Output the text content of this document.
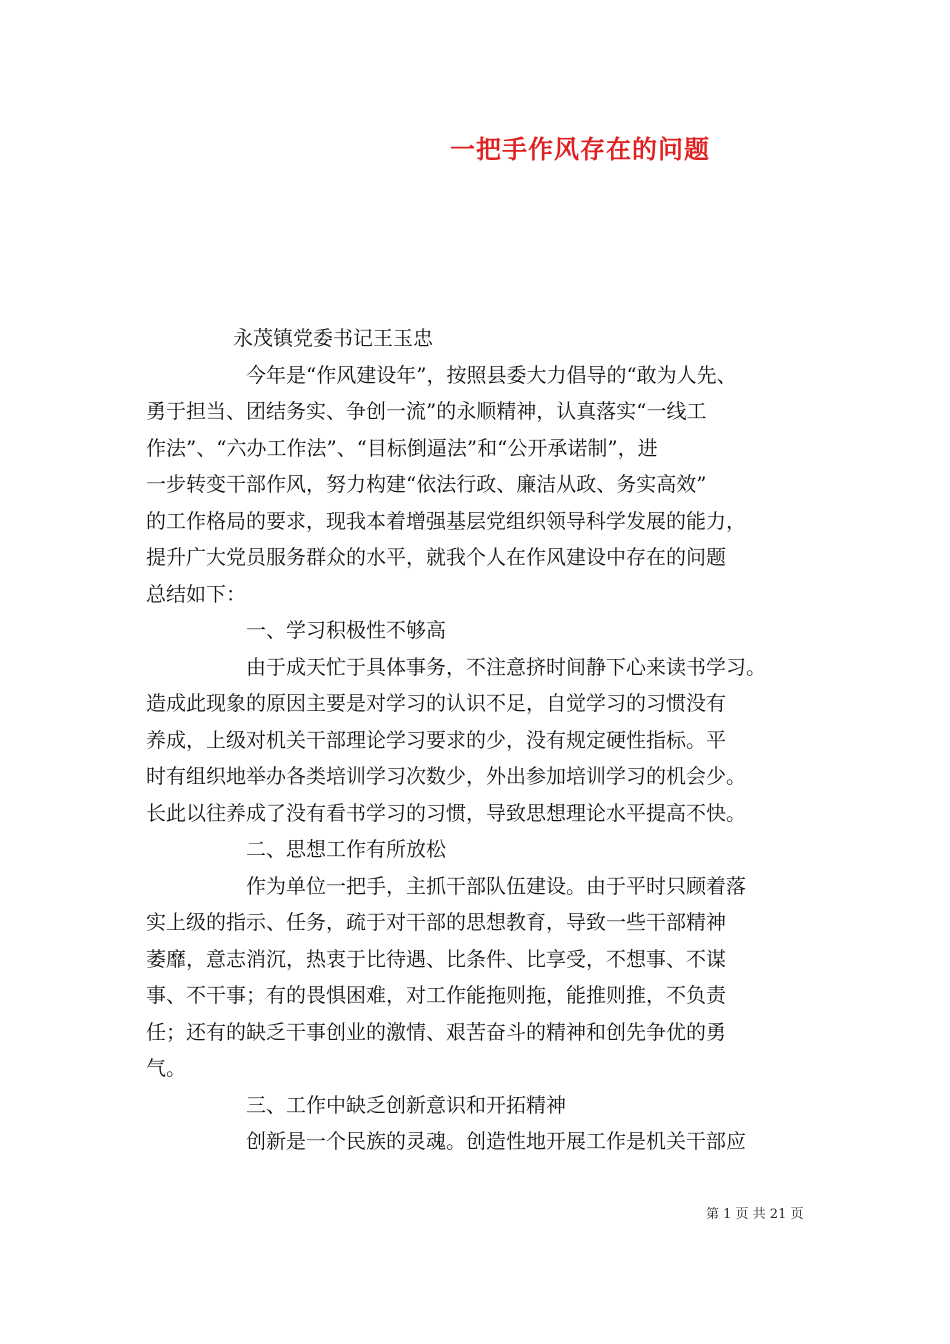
一把手作风存在的问题
永茂镇党委书记王玉忠
今年是“作风建设年”，按照县委大力倡导的“敢为人先、
勇于担当、团结务实、争创一流”的永顺精神，认真落实“一线工
作法”、“六办工作法”、“目标倒逼法”和“公开承诺制”，进
一步转变干部作风，努力构建“依法行政、廉洁从政、务实高效”
的工作格局的要求，现我本着增强基层党组织领导科学发展的能力，
提升广大党员服务群众的水平，就我个人在作风建设中存在的问题
总结如下：
一、学习积极性不够高
由于成天忙于具体事务，不注意挤时间静下心来读书学习。
造成此现象的原因主要是对学习的认识不足，自觉学习的习惯没有
养成，上级对机关干部理论学习要求的少，没有规定硬性指标。平
时有组织地举办各类培训学习次数少，外出参加培训学习的机会少。
长此以往养成了没有看书学习的习惯，导致思想理论水平提高不快。
二、思想工作有所放松
作为单位一把手，主抓干部队伍建设。由于平时只顾着落
实上级的指示、任务，疏于对干部的思想教育，导致一些干部精神
萎靡，意志消沉，热衷于比待遇、比条件、比享受，不想事、不谋
事、不干事；有的畏惧困难，对工作能拖则拖，能推则推，不负责
任；还有的缺乏干事创业的激情、艰苦奋斗的精神和创先争优的勇
气。
三、工作中缺乏创新意识和开拓精神
创新是一个民族的灵魂。创造性地开展工作是机关干部应
第 1 页 共 21 页
